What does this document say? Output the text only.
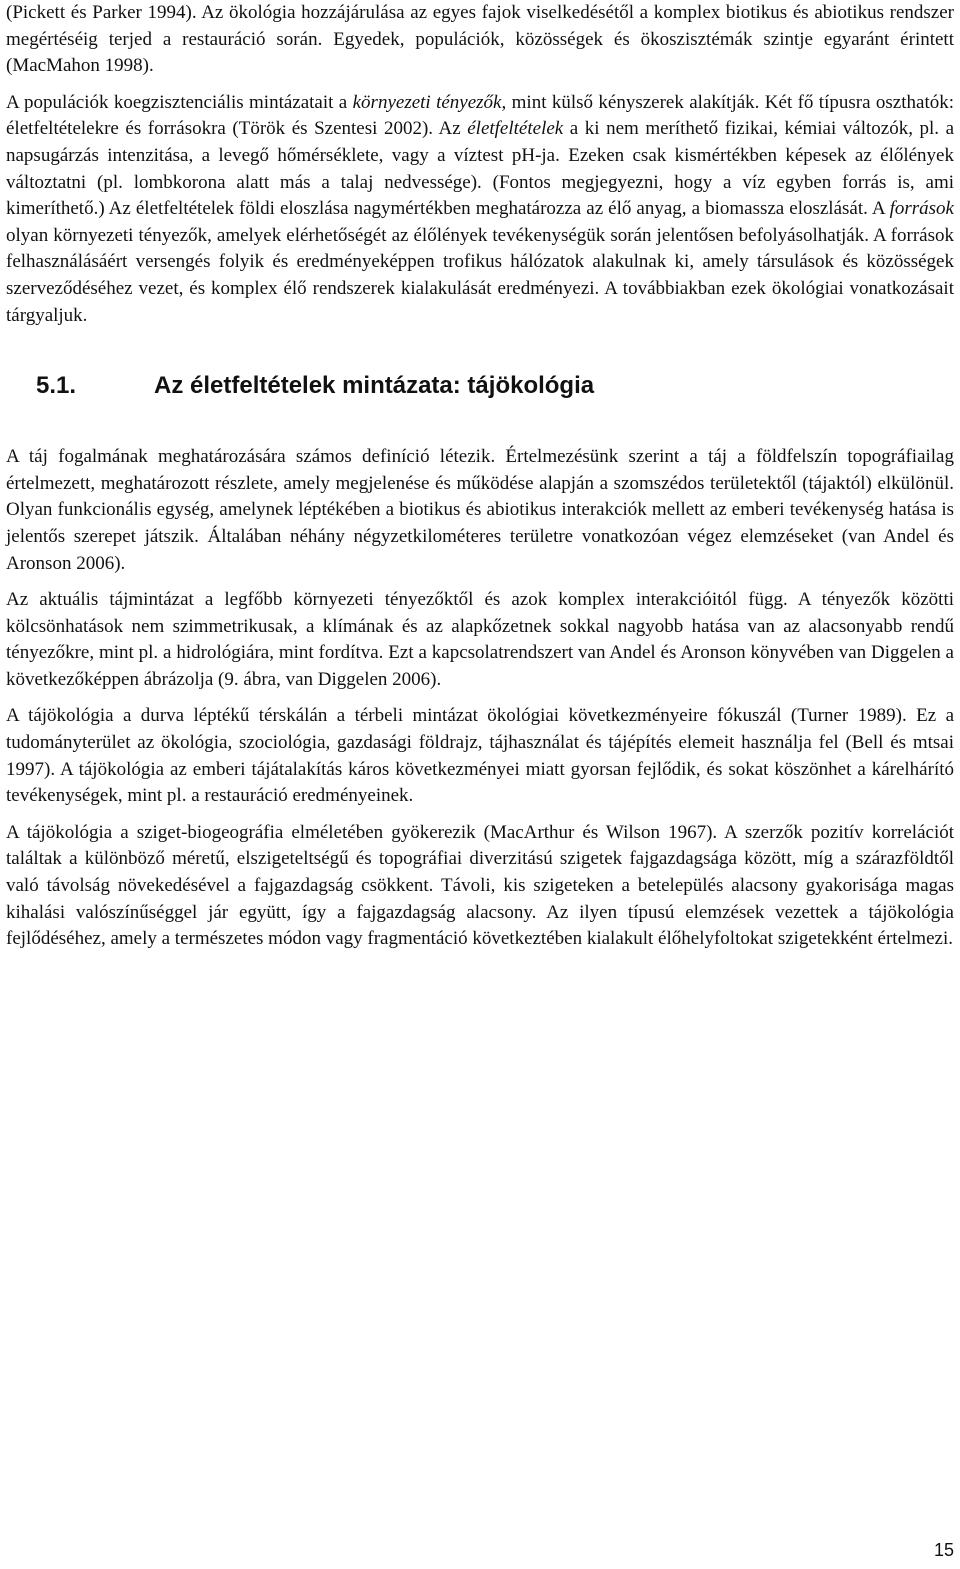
(Pickett és Parker 1994). Az ökológia hozzájárulása az egyes fajok viselkedésétől a komplex biotikus és abiotikus rendszer megértéséig terjed a restauráció során. Egyedek, populációk, közösségek és ökoszisztémák szintje egyaránt érintett (MacMahon 1998).

A populációk koegzisztenciális mintázatait a környezeti tényezők, mint külső kényszerek alakítják. Két fő típusra oszthatók: életfeltételekre és forrásokra (Török és Szentesi 2002). Az életfeltételek a ki nem meríthető fizikai, kémiai változók, pl. a napsugárzás intenzitása, a levegő hőmérséklete, vagy a víztest pH-ja. Ezeken csak kismértékben képesek az élőlények változtatni (pl. lombkorona alatt más a talaj nedvessége). (Fontos megjegyezni, hogy a víz egyben forrás is, ami kimeríthető.) Az életfeltételek földi eloszlása nagymértékben meghatározza az élő anyag, a biomassza eloszlását. A források olyan környezeti tényezők, amelyek elérhetőségét az élőlények tevékenységük során jelentősen befolyásolhatják. A források felhasználásáért versengés folyik és eredményeképpen trofikus hálózatok alakulnak ki, amely társulások és közösségek szerveződéséhez vezet, és komplex élő rendszerek kialakulását eredményezi. A továbbiakban ezek ökológiai vonatkozásait tárgyaljuk.

5.1.	Az életfeltételek mintázata: tájökológia

A táj fogalmának meghatározására számos definíció létezik. Értelmezésünk szerint a táj a földfelszín topográfiailag értelmezett, meghatározott részlete, amely megjelenése és működése alapján a szomszédos területektől (tájaktól) elkülönül. Olyan funkcionális egység, amelynek léptékében a biotikus és abiotikus interakciók mellett az emberi tevékenység hatása is jelentős szerepet játszik. Általában néhány négyzetkilométeres területre vonatkozóan végez elemzéseket (van Andel és Aronson 2006).

Az aktuális tájmintázat a legfőbb környezeti tényezőktől és azok komplex interakcióitól függ. A tényezők közötti kölcsönhatások nem szimmetrikusak, a klímának és az alapkőzetnek sokkal nagyobb hatása van az alacsonyabb rendű tényezőkre, mint pl. a hidrológiára, mint fordítva. Ezt a kapcsolatrendszert van Andel és Aronson könyvében van Diggelen a következőképpen ábrázolja (9. ábra, van Diggelen 2006).

A tájökológia a durva léptékű térskálán a térbeli mintázat ökológiai következményeire fókuszál (Turner 1989). Ez a tudományterület az ökológia, szociológia, gazdasági földrajz, tájhasználat és tájépítés elemeit használja fel (Bell és mtsai 1997). A tájökológia az emberi tájátalakítás káros következményei miatt gyorsan fejlődik, és sokat köszönhet a kárelhárító tevékenységek, mint pl. a restauráció eredményeinek.

A tájökológia a sziget-biogeográfia elméletében gyökerezik (MacArthur és Wilson 1967). A szerzők pozitív korrelációt találtak a különböző méretű, elszigeteltségű és topográfiai diverzitású szigetek fajgazdagsága között, míg a szárazföldtől való távolság növekedésével a fajgazdagság csökkent. Távoli, kis szigeteken a betelepülés alacsony gyakorisága magas kihalási valószínűséggel jár együtt, így a fajgazdagság alacsony. Az ilyen típusú elemzések vezettek a tájökológia fejlődéséhez, amely a természetes módon vagy fragmentáció következtében kialakult élőhelyfoltokat szigetekként értelmezi.

15
